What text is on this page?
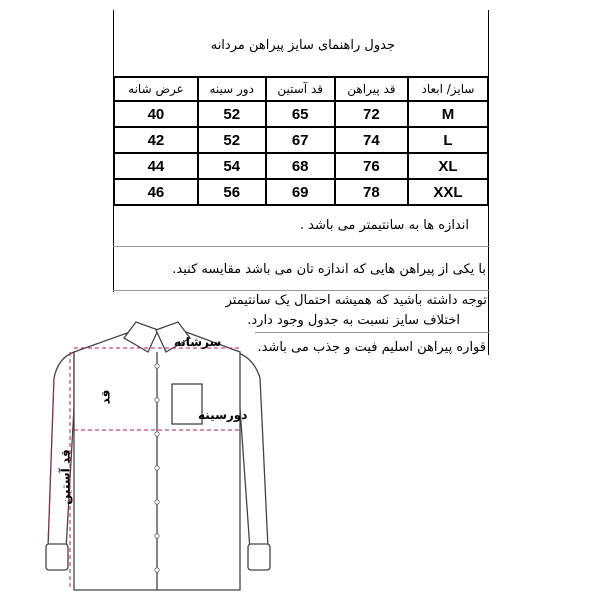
جدول راهنمای سایز پیراهن مردانه
سایز/ ابعاد	قد پیراهن	قد آستین	دور سینه	عرض شانه
M	72	65	52	40
L	74	67	52	42
XL	76	68	54	44
XXL	78	69	56	46
اندازه ها به سانتیمتر می باشد .
با یکی از پیراهن هایی که اندازه تان می باشد مقایسه کنید.
توجه داشته باشید که همیشه احتمال یک سانتیمتر
اختلاف سایز نسبت به جدول وجود دارد.
قواره پیراهن اسلیم فیت و جذب می باشد.
سرشانه
قد
دورسینه
قد آستین
